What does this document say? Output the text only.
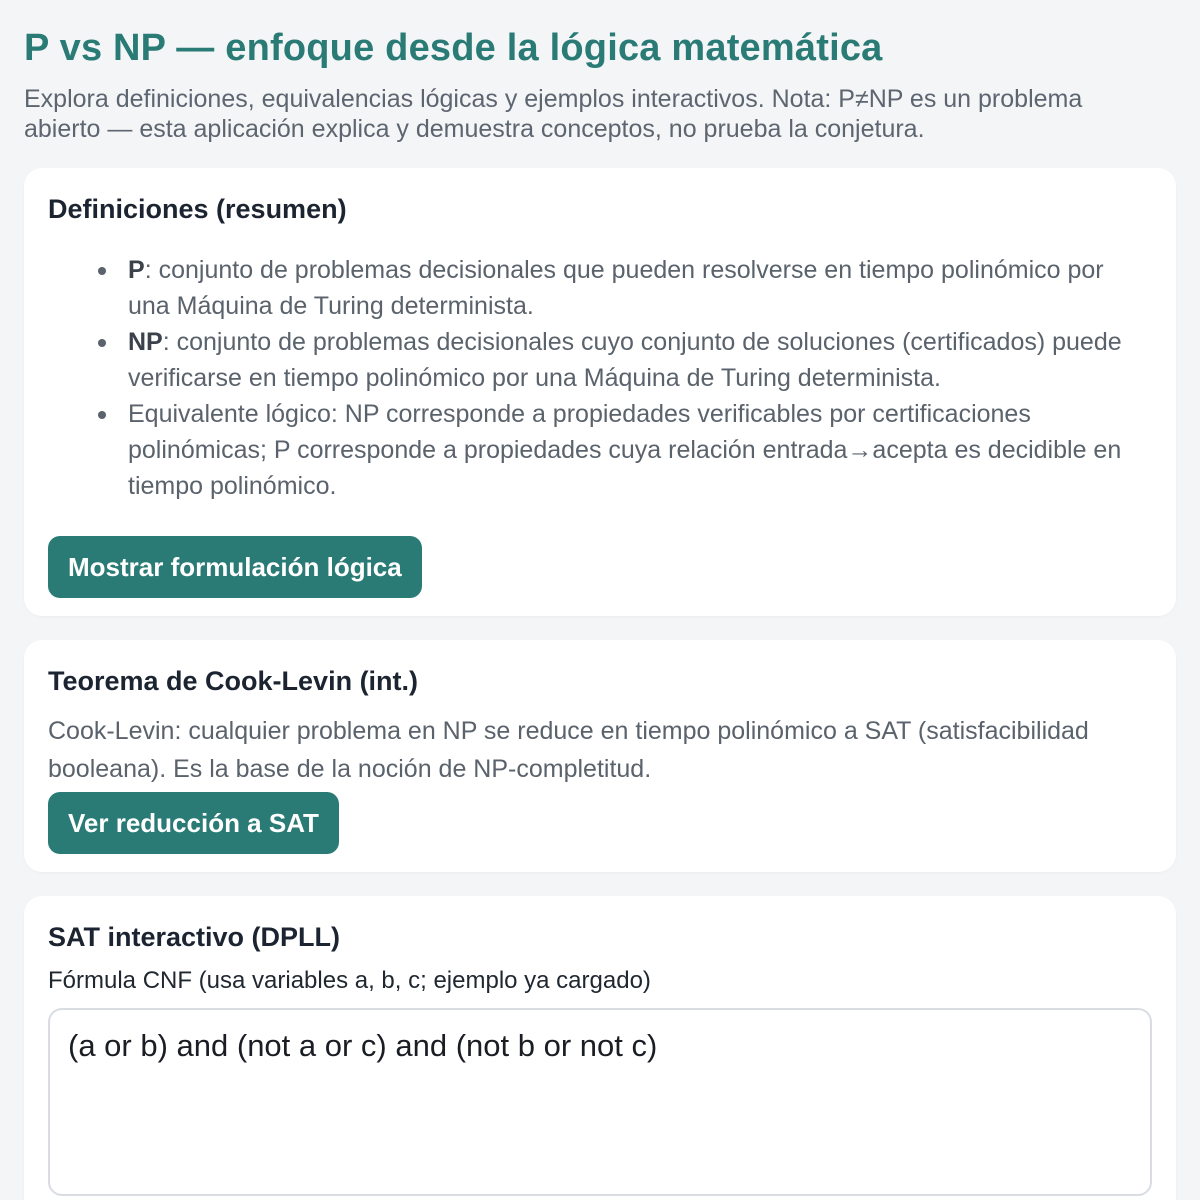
P vs NP — enfoque desde la lógica matemática

Explora definiciones, equivalencias lógicas y ejemplos interactivos. Nota: P≠NP es un problema abierto — esta aplicación explica y demuestra conceptos, no prueba la conjetura.

Definiciones (resumen)
P: conjunto de problemas decisionales que pueden resolverse en tiempo polinómico por una Máquina de Turing determinista.
NP: conjunto de problemas decisionales cuyo conjunto de soluciones (certificados) puede verificarse en tiempo polinómico por una Máquina de Turing determinista.
Equivalente lógico: NP corresponde a propiedades verificables por certificaciones polinómicas; P corresponde a propiedades cuya relación entrada→acepta es decidible en tiempo polinómico.
Mostrar formulación lógica
Teorema de Cook-Levin (int.)

Cook-Levin: cualquier problema en NP se reduce en tiempo polinómico a SAT (satisfacibilidad booleana). Es la base de la noción de NP-completitud.

Ver reducción a SAT
SAT interactivo (DPLL)
Fórmula CNF (usa variables a, b, c; ejemplo ya cargado)
(a or b) and (not a or c) and (not b or not c)
